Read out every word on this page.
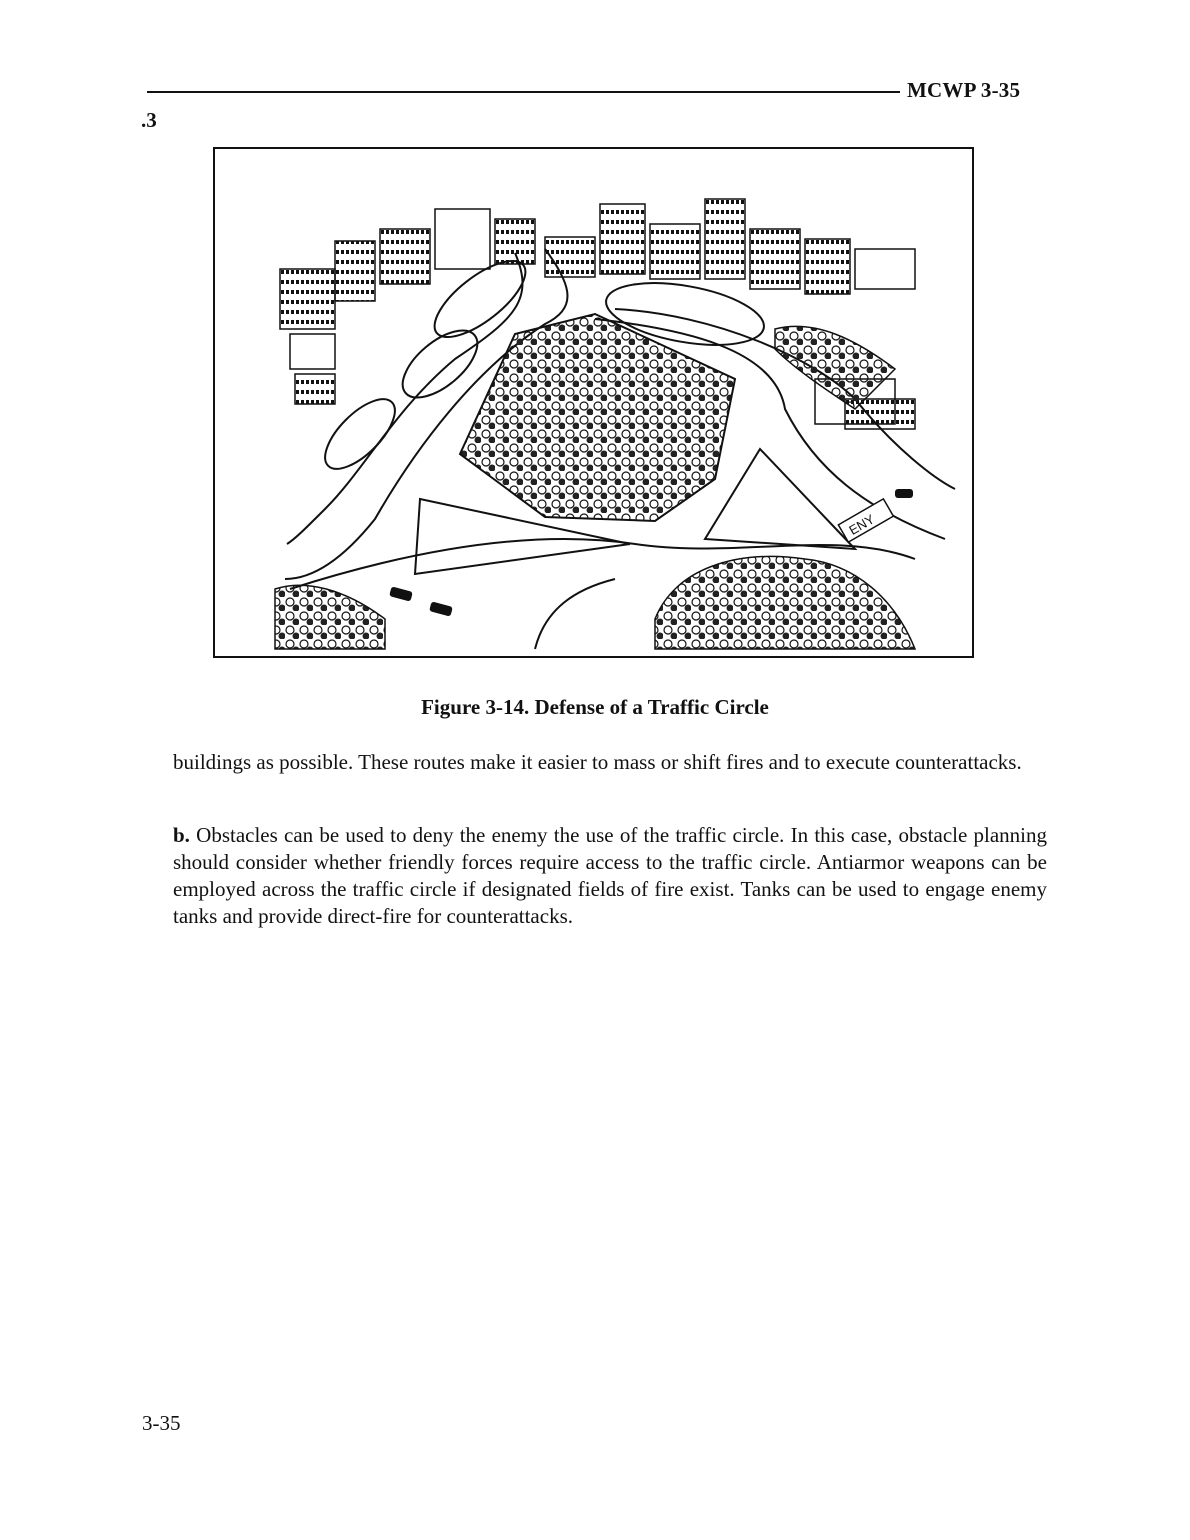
MCWP 3-35
.3
ENY
Figure 3-14. Defense of a Traffic Circle

buildings as possible. These routes make it easier to mass or shift fires and to execute counterattacks.

b. Obstacles can be used to deny the enemy the use of the traffic circle. In this case, obstacle planning should consider whether friendly forces require access to the traffic circle. Antiarmor weapons can be employed across the traffic circle if designated fields of fire exist. Tanks can be used to engage enemy tanks and provide direct-fire for counterattacks.

3-35
